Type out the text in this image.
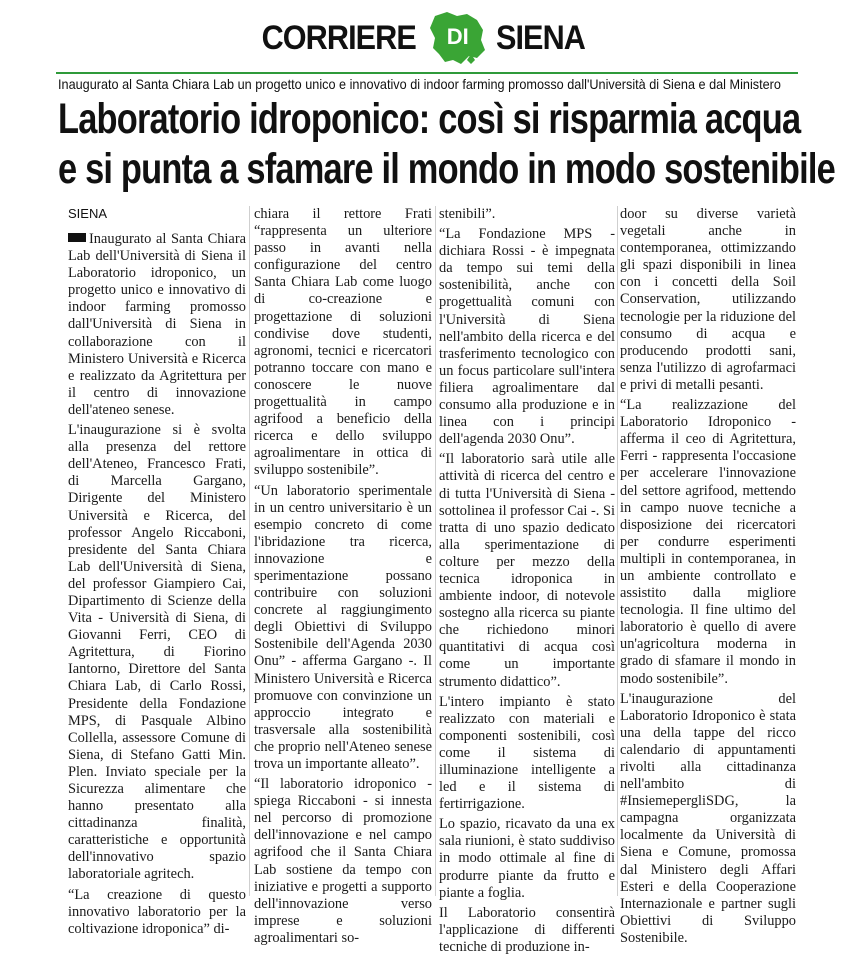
CORRIERE	DI SIENA
Inaugurato al Santa Chiara Lab un progetto unico e innovativo di indoor farming promosso dall'Università di Siena e dal Ministero
Laboratorio idroponico: così si risparmia acqua
e si punta a sfamare il mondo in modo sostenibile
SIENA

Inaugurato al Santa Chiara Lab dell'Università di Siena il Laboratorio idroponico, un progetto unico e innovativo di indoor farming promosso dall'Università di Siena in collaborazione con il Ministero Università e Ricerca e realizzato da Agritettura per il centro di innovazione dell'ateneo senese.

L'inaugurazione si è svolta alla presenza del rettore dell'Ateneo, Francesco Frati, di Marcella Gargano, Dirigente del Ministero Università e Ricerca, del professor Angelo Riccaboni, presidente del Santa Chiara Lab dell'Università di Siena, del professor Giampiero Cai, Dipartimento di Scienze della Vita - Università di Siena, di Giovanni Ferri, CEO di Agritettura, di Fiorino Iantorno, Direttore del Santa Chiara Lab, di Carlo Rossi, Presidente della Fondazione MPS, di Pasquale Albino Collella, assessore Comune di Siena, di Stefano Gatti Min. Plen. Inviato speciale per la Sicurezza alimentare che hanno presentato alla cittadinanza finalità, caratteristiche e opportunità dell'innovativo spazio laboratoriale agritech.

“La creazione di questo innovativo laboratorio per la coltivazione idroponica” di-

chiara il rettore Frati “rappresenta un ulteriore passo in avanti nella configurazione del centro Santa Chiara Lab come luogo di co-creazione e progettazione di soluzioni condivise dove studenti, agronomi, tecnici e ricercatori potranno toccare con mano e conoscere le nuove progettualità in campo agrifood a beneficio della ricerca e dello sviluppo agroalimentare in ottica di sviluppo sostenibile”.

“Un laboratorio sperimentale in un centro universitario è un esempio concreto di come l'ibridazione tra ricerca, innovazione e sperimentazione possano contribuire con soluzioni concrete al raggiungimento degli Obiettivi di Sviluppo Sostenibile dell'Agenda 2030 Onu” - afferma Gargano -. Il Ministero Università e Ricerca promuove con convinzione un approccio integrato e trasversale alla sostenibilità che proprio nell'Ateneo senese trova un importante alleato”.

“Il laboratorio idroponico - spiega Riccaboni - si innesta nel percorso di promozione dell'innovazione e nel campo agrifood che il Santa Chiara Lab sostiene da tempo con iniziative e progetti a supporto dell'innovazione verso imprese e soluzioni agroalimentari so-

stenibili”.

“La Fondazione MPS - dichiara Rossi - è impegnata da tempo sui temi della sostenibilità, anche con progettualità comuni con l'Università di Siena nell'ambito della ricerca e del trasferimento tecnologico con un focus particolare sull'intera filiera agroalimentare dal consumo alla produzione e in linea con i principi dell'agenda 2030 Onu”.

“Il laboratorio sarà utile alle attività di ricerca del centro e di tutta l'Università di Siena - sottolinea il professor Cai -. Si tratta di uno spazio dedicato alla sperimentazione di colture per mezzo della tecnica idroponica in ambiente indoor, di notevole sostegno alla ricerca su piante che richiedono minori quantitativi di acqua così come un importante strumento didattico”.

L'intero impianto è stato realizzato con materiali e componenti sostenibili, così come il sistema di illuminazione intelligente a led e il sistema di fertirrigazione.

Lo spazio, ricavato da una ex sala riunioni, è stato suddiviso in modo ottimale al fine di produrre piante da frutto e piante a foglia.

Il Laboratorio consentirà l'applicazione di differenti tecniche di produzione in-

door su diverse varietà vegetali anche in contemporanea, ottimizzando gli spazi disponibili in linea con i concetti della Soil Conservation, utilizzando tecnologie per la riduzione del consumo di acqua e producendo prodotti sani, senza l'utilizzo di agrofarmaci e privi di metalli pesanti.

“La realizzazione del Laboratorio Idroponico - afferma il ceo di Agritettura, Ferri - rappresenta l'occasione per accelerare l'innovazione del settore agrifood, mettendo in campo nuove tecniche a disposizione dei ricercatori per condurre esperimenti multipli in contemporanea, in un ambiente controllato e assistito dalla migliore tecnologia. Il fine ultimo del laboratorio è quello di avere un'agricoltura moderna in grado di sfamare il mondo in modo sostenibile”.

L'inaugurazione del Laboratorio Idroponico è stata una della tappe del ricco calendario di appuntamenti rivolti alla cittadinanza nell'ambito di #InsiemepergliSDG, la campagna organizzata localmente da Università di Siena e Comune, promossa dal Ministero degli Affari Esteri e della Cooperazione Internazionale e partner sugli Obiettivi di Sviluppo Sostenibile.
